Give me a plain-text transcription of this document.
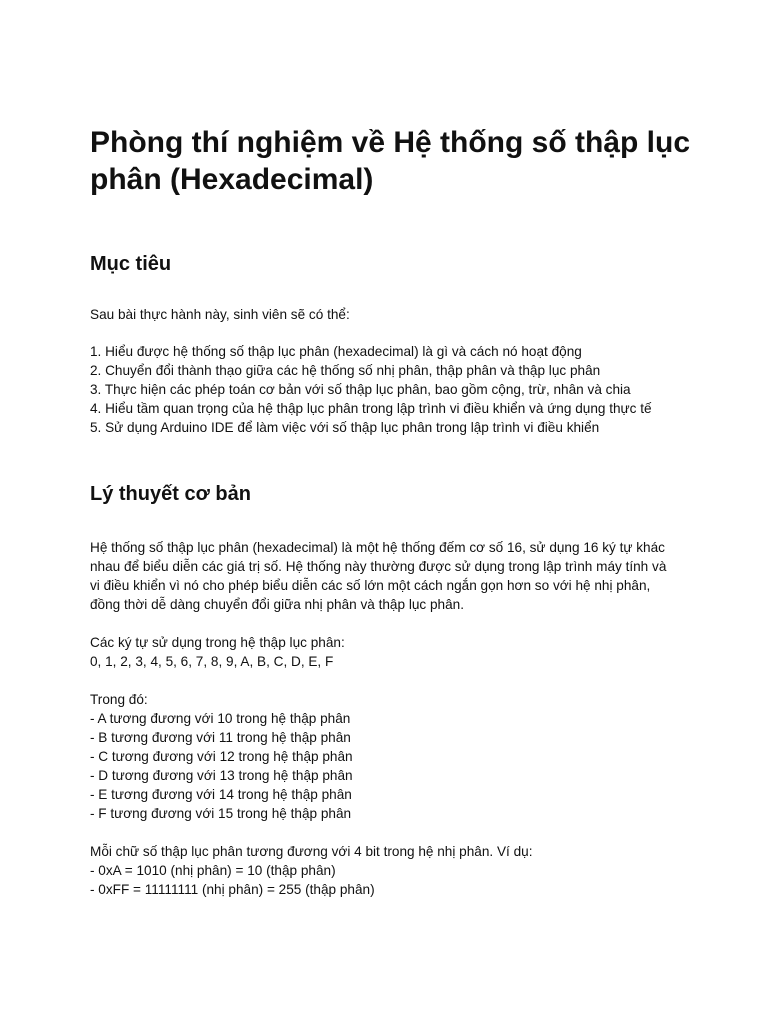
Phòng thí nghiệm về Hệ thống số thập lục
phân (Hexadecimal)
Mục tiêu

Sau bài thực hành này, sinh viên sẽ có thể:

1. Hiểu được hệ thống số thập lục phân (hexadecimal) là gì và cách nó hoạt động
2. Chuyển đổi thành thạo giữa các hệ thống số nhị phân, thập phân và thập lục phân
3. Thực hiện các phép toán cơ bản với số thập lục phân, bao gồm cộng, trừ, nhân và chia
4. Hiểu tầm quan trọng của hệ thập lục phân trong lập trình vi điều khiển và ứng dụng thực tế
5. Sử dụng Arduino IDE để làm việc với số thập lục phân trong lập trình vi điều khiển
Lý thuyết cơ bản
Hệ thống số thập lục phân (hexadecimal) là một hệ thống đếm cơ số 16, sử dụng 16 ký tự khác
nhau để biểu diễn các giá trị số. Hệ thống này thường được sử dụng trong lập trình máy tính và
vi điều khiển vì nó cho phép biểu diễn các số lớn một cách ngắn gọn hơn so với hệ nhị phân,
đồng thời dễ dàng chuyển đổi giữa nhị phân và thập lục phân.
Các ký tự sử dụng trong hệ thập lục phân:
0, 1, 2, 3, 4, 5, 6, 7, 8, 9, A, B, C, D, E, F
Trong đó:
- A tương đương với 10 trong hệ thập phân
- B tương đương với 11 trong hệ thập phân
- C tương đương với 12 trong hệ thập phân
- D tương đương với 13 trong hệ thập phân
- E tương đương với 14 trong hệ thập phân
- F tương đương với 15 trong hệ thập phân
Mỗi chữ số thập lục phân tương đương với 4 bit trong hệ nhị phân. Ví dụ:
- 0xA = 1010 (nhị phân) = 10 (thập phân)
- 0xFF = 11111111 (nhị phân) = 255 (thập phân)
